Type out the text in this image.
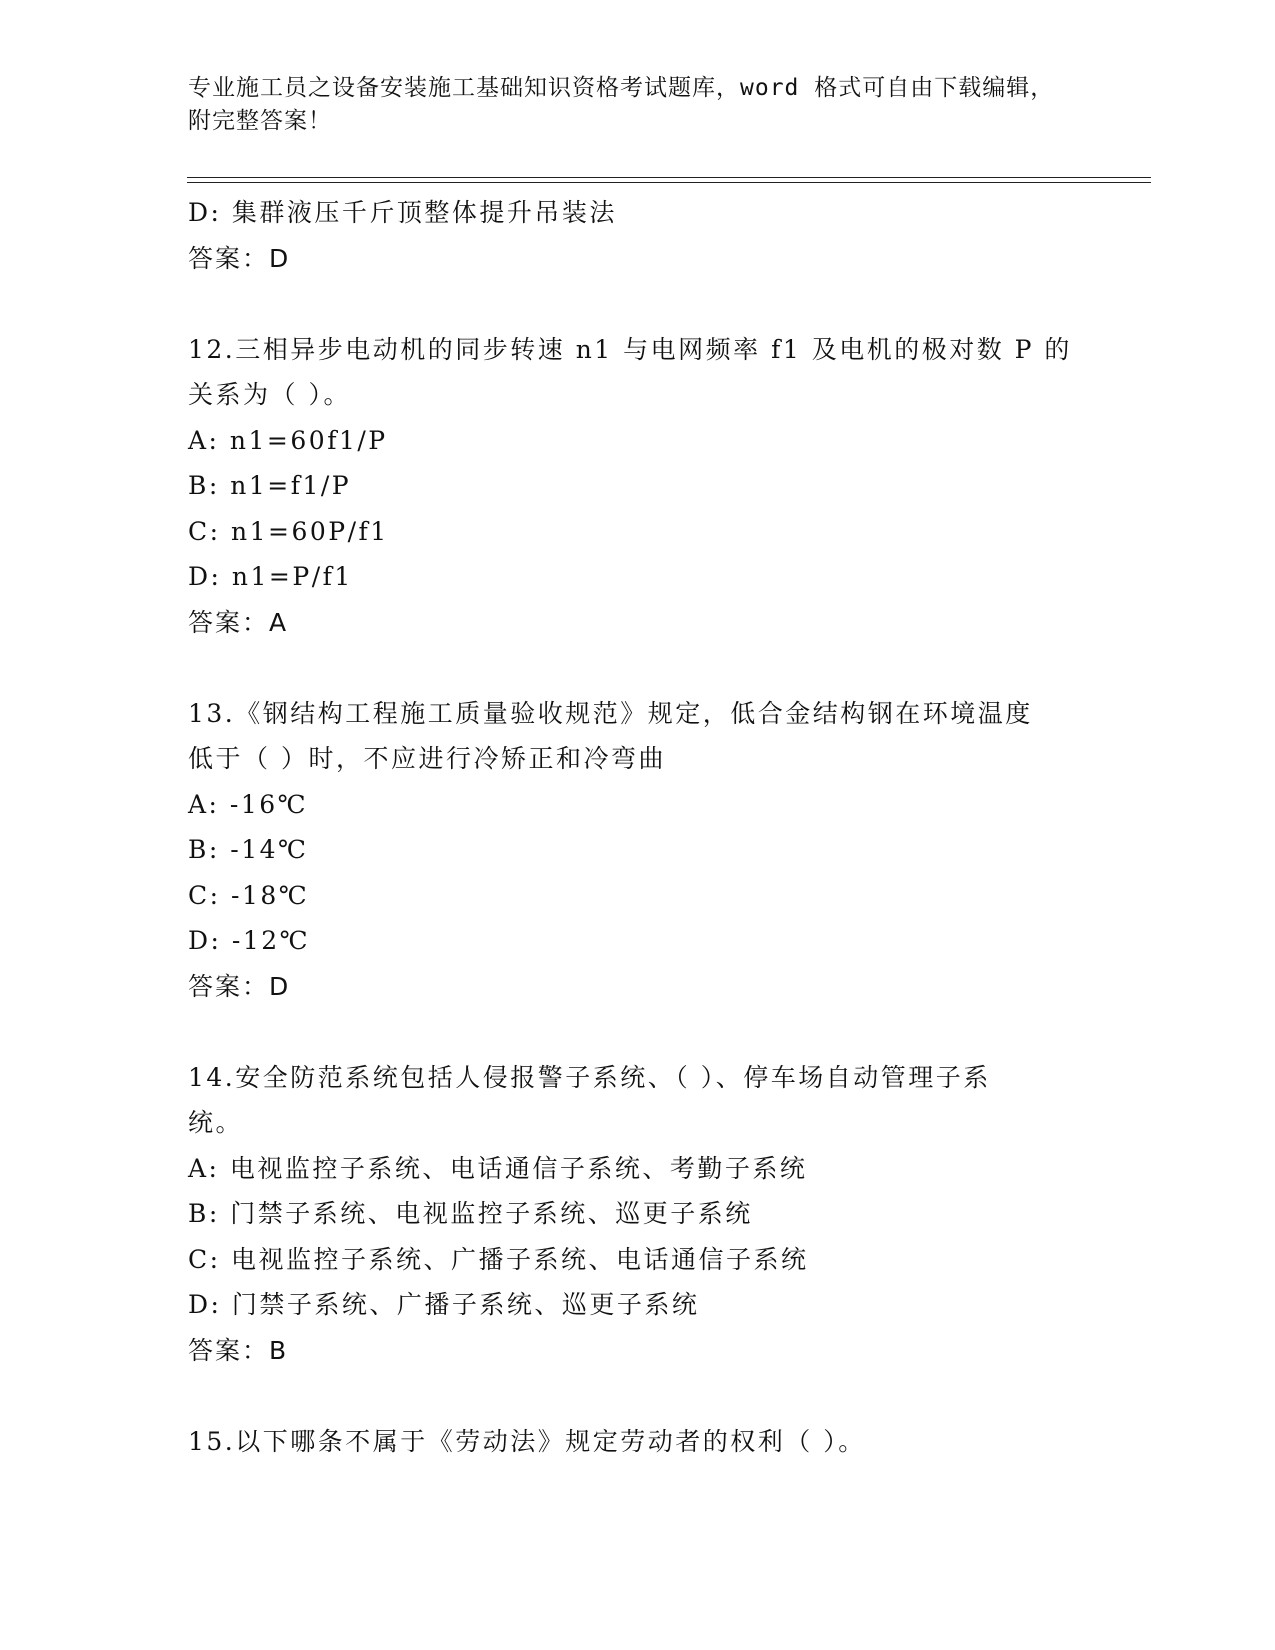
专业施工员之设备安装施工基础知识资格考试题库，word 格式可自由下载编辑，
附完整答案！
D: 集群液压千斤顶整体提升吊装法
答案：D
12.三相异步电动机的同步转速 n1 与电网频率 f1 及电机的极对数 P 的
关系为（ ）。
A: n1=60f1/P
B: n1=f1/P
C: n1=60P/f1
D: n1=P/f1
答案：A
13.《钢结构工程施工质量验收规范》规定，低合金结构钢在环境温度
低于（ ）时，不应进行冷矫正和冷弯曲
A: -16℃
B: -14℃
C: -18℃
D: -12℃
答案：D
14.安全防范系统包括人侵报警子系统、（ ）、停车场自动管理子系
统。
A: 电视监控子系统、电话通信子系统、考勤子系统
B: 门禁子系统、电视监控子系统、巡更子系统
C: 电视监控子系统、广播子系统、电话通信子系统
D: 门禁子系统、广播子系统、巡更子系统
答案：B
15.以下哪条不属于《劳动法》规定劳动者的权利（ ）。
